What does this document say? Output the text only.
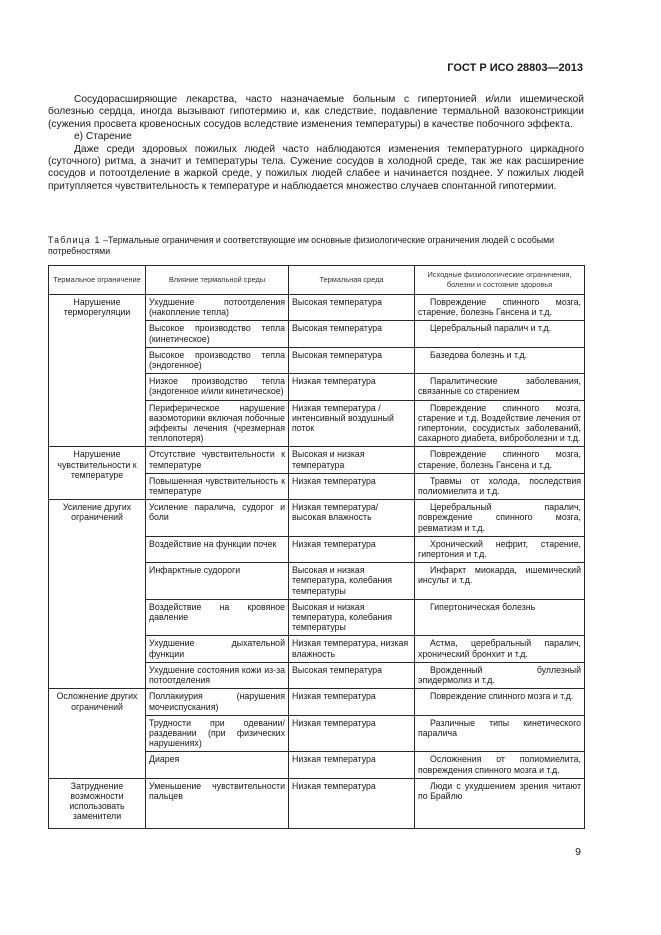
ГОСТ Р ИСО 28803—2013

Сосудорасширяющие лекарства, часто назначаемые больным с гипертонией и/или ишемической болезнью сердца, иногда вызывают гипотермию и, как следствие, подавление термальной вазоконстрикции (сужения просвета кровеносных сосудов вследствие изменения температуры) в качестве побочного эффекта.

е) Старение

Даже среди здоровых пожилых людей часто наблюдаются изменения температурного циркадного (суточного) ритма, а значит и температуры тела. Сужение сосудов в холодной среде, так же как расширение сосудов и потоотделение в жаркой среде, у пожилых людей слабее и начинается позднее. У пожилых людей притупляется чувствительность к температуре и наблюдается множество случаев спонтанной гипотермии.

Таблица 1 –Термальные ограничения и соответствующие им основные физиологические ограничения людей с особыми потребностями
Термальное ограничение	Влияние термальной среды	Термальная среда	Исходные физиологические ограничения, болезни и состояние здоровья
Нарушение терморегуляции	Ухудшение потоотделения (накопление тепла)	Высокая температура	Повреждение спинного мозга, старение, болезнь Гансена и т.д.
	Высокое производство тепла (кинетическое)	Высокая температура	Церебральный паралич и т.д.
	Высокое производство тепла (эндогенное)	Высокая температура	Базедова болезнь и т.д.
	Низкое производство тепла (эндогенное и/или кинетическое)	Низкая температура	Паралитические заболевания, связанные со старением
	Периферическое нарушение вазомоторики включая побочные эффекты лечения (чрезмерная теплопотеря)	Низкая температура /интенсивный воздушный поток	Повреждение спинного мозга, старение и т.д. Воздействие лечения от гипертонии, сосудистых заболеваний, сахарного диабета, виброболезни и т.д.
Нарушение чувствительности к температуре	Отсутствие чувствительности к температуре	Высокая и низкая температура	Повреждение спинного мозга, старение, болезнь Гансена и т.д.
	Повышенная чувствительность к температуре	Низкая температура	Травмы от холода, последствия полиомиелита и т.д.
Усиление других ограничений	Усиление паралича, судорог и боли	Низкая температура/ высокая влажность	Церебральный паралич, повреждение спинного мозга, ревматизм и т.д.
	Воздействие на функции почек	Низкая температура	Хронический нефрит, старение, гипертония и т.д.
	Инфарктные судороги	Высокая и низкая температура, колебания температуры	Инфаркт миокарда, ишемический инсульт и т.д.
	Воздействие на кровяное давление	Высокая и низкая температура, колебания температуры	Гипертоническая болезнь
	Ухудшение дыхательной функции	Низкая температура, низкая влажность	Астма, церебральный паралич, хронический бронхит и т.д.
	Ухудшение состояния кожи из-за потоотделения	Высокая температура	Врожденный буллезный эпидермолиз и т.д.
Осложнение других ограничений	Поллакиурия (нарушения мочеиспускания)	Низкая температура	Повреждение спинного мозга и т.д.
	Трудности при одевании/ раздевании (при физических нарушениях)	Низкая температура	Различные типы кинетического паралича
	Диарея	Низкая температура	Осложнения от полиомиелита, повреждения спинного мозга и т.д.
Затруднение возможности использовать заменители	Уменьшение чувствительности пальцев	Низкая температура	Люди с ухудшением зрения читают по Брайлю
9
